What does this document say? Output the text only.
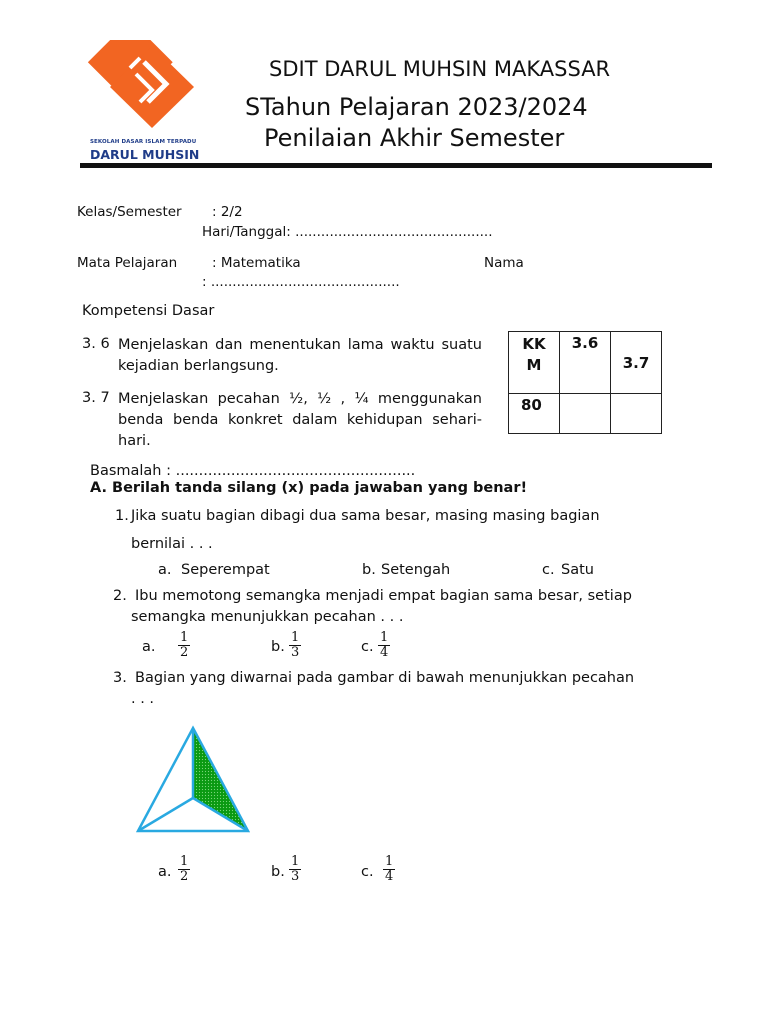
SEKOLAH DASAR ISLAM TERPADU
DARUL MUHSIN
SDIT DARUL MUHSIN MAKASSAR
STahun Pelajaran 2023/2024
Penilaian Akhir Semester
Kelas/Semester : 2/2
Hari/Tanggal: ..............................................
Mata Pelajaran	: Matematika	Nama
: ............................................
Kompetensi Dasar
3. 6 Menjelaskan dan menentukan lama waktu suatu kejadian berlangsung.
3. 7 Menjelaskan pecahan ½, ½ , ¼ menggunakan benda benda konkret dalam kehidupan sehari-hari.
KK M	3.6	3.7
80		
Basmalah : ....................................................
A. Berilah tanda silang (x) pada jawaban yang benar!
1. Jika suatu bagian dibagi dua sama besar, masing masing bagian
bernilai . . .
a. Seperempat	b. Setengah	c. Satu
2. Ibu memotong semangka menjadi empat bagian sama besar, setiap
semangka menunjukkan pecahan . . .
a. $\frac{1}{2}$	b. $\frac{1}{3}$	c. $\frac{1}{4}$
3. Bagian yang diwarnai pada gambar di bawah menunjukkan pecahan
. . .
a. $\frac{1}{2}$	b. $\frac{1}{3}$	c. $\frac{1}{4}$
